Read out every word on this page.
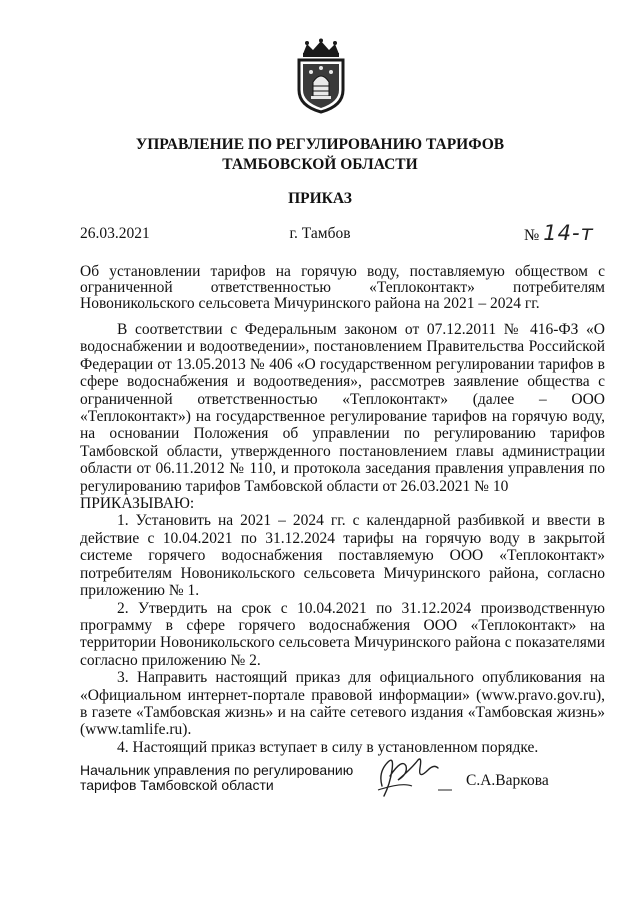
УПРАВЛЕНИЕ ПО РЕГУЛИРОВАНИЮ ТАРИФОВ
ТАМБОВСКОЙ ОБЛАСТИ
ПРИКАЗ
26.03.2021	г. Тамбов	№ 14-т
Об установлении тарифов на горячую воду, поставляемую обществом с ограниченной ответственностью «Теплоконтакт» потребителям Новоникольского сельсовета Мичуринского района на 2021 – 2024 гг.

В соответствии с Федеральным законом от 07.12.2011 № 416-ФЗ «О водоснабжении и водоотведении», постановлением Правительства Российской Федерации от 13.05.2013 № 406 «О государственном регулировании тарифов в сфере водоснабжения и водоотведения», рассмотрев заявление общества с ограниченной ответственностью «Теплоконтакт» (далее – ООО «Теплоконтакт») на государственное регулирование тарифов на горячую воду, на основании Положения об управлении по регулированию тарифов Тамбовской области, утвержденного постановлением главы администрации области от 06.11.2012 № 110, и протокола заседания правления управления по регулированию тарифов Тамбовской области от 26.03.2021 № 10

ПРИКАЗЫВАЮ:

1. Установить на 2021 – 2024 гг. с календарной разбивкой и ввести в действие с 10.04.2021 по 31.12.2024 тарифы на горячую воду в закрытой системе горячего водоснабжения поставляемую ООО «Теплоконтакт» потребителям Новоникольского сельсовета Мичуринского района, согласно приложению № 1.

2. Утвердить на срок с 10.04.2021 по 31.12.2024 производственную программу в сфере горячего водоснабжения ООО «Теплоконтакт» на территории Новоникольского сельсовета Мичуринского района с показателями согласно приложению № 2.

3. Направить настоящий приказ для официального опубликования на «Официальном интернет-портале правовой информации» (www.pravo.gov.ru), в газете «Тамбовская жизнь» и на сайте сетевого издания «Тамбовская жизнь» (www.tamlife.ru).

4. Настоящий приказ вступает в силу в установленном порядке.

Начальник управления по регулированию
тарифов Тамбовской области	С.А.Варкова
